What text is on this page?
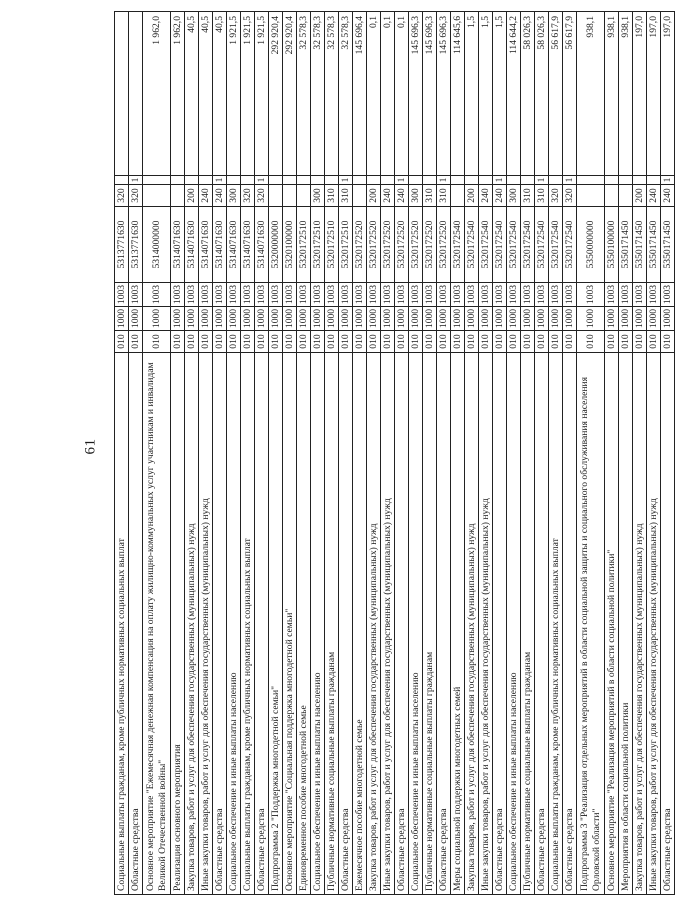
61
Социальные выплаты гражданам, кроме публичных нормативных социальных выплат	010	1000	1003	5313771630	320		
Областные средства	010	1000	1003	5313771630	320	1	
Основное мероприятие "Ежемесячная денежная компенсация на оплату жилищно-коммунальных услуг участникам и инвалидам Великой Отечественной войны"	010	1000	1003	5314000000			1 962,0
Реализация основного мероприятия	010	1000	1003	5314071630			1 962,0
Закупка товаров, работ и услуг для обеспечения государственных (муниципальных) нужд	010	1000	1003	5314071630	200		40,5
Иные закупки товаров, работ и услуг для обеспечения государственных (муниципальных) нужд	010	1000	1003	5314071630	240		40,5
Областные средства	010	1000	1003	5314071630	240	1	40,5
Социальное обеспечение и иные выплаты населению	010	1000	1003	5314071630	300		1 921,5
Социальные выплаты гражданам, кроме публичных нормативных социальных выплат	010	1000	1003	5314071630	320		1 921,5
Областные средства	010	1000	1003	5314071630	320	1	1 921,5
Подпрограмма 2 "Поддержка многодетной семьи"	010	1000	1003	5320000000			292 920,4
Основное мероприятие "Социальная поддержка многодетной семьи"	010	1000	1003	5320100000			292 920,4
Единовременное пособие многодетной семье	010	1000	1003	5320172510			32 578,3
Социальное обеспечение и иные выплаты населению	010	1000	1003	5320172510	300		32 578,3
Публичные нормативные социальные выплаты гражданам	010	1000	1003	5320172510	310		32 578,3
Областные средства	010	1000	1003	5320172510	310	1	32 578,3
Ежемесячное пособие многодетной семье	010	1000	1003	5320172520			145 696,4
Закупка товаров, работ и услуг для обеспечения государственных (муниципальных) нужд	010	1000	1003	5320172520	200		0,1
Иные закупки товаров, работ и услуг для обеспечения государственных (муниципальных) нужд	010	1000	1003	5320172520	240		0,1
Областные средства	010	1000	1003	5320172520	240	1	0,1
Социальное обеспечение и иные выплаты населению	010	1000	1003	5320172520	300		145 696,3
Публичные нормативные социальные выплаты гражданам	010	1000	1003	5320172520	310		145 696,3
Областные средства	010	1000	1003	5320172520	310	1	145 696,3
Меры социальной поддержки многодетных семей	010	1000	1003	5320172540			114 645,6
Закупка товаров, работ и услуг для обеспечения государственных (муниципальных) нужд	010	1000	1003	5320172540	200		1,5
Иные закупки товаров, работ и услуг для обеспечения государственных (муниципальных) нужд	010	1000	1003	5320172540	240		1,5
Областные средства	010	1000	1003	5320172540	240	1	1,5
Социальное обеспечение и иные выплаты населению	010	1000	1003	5320172540	300		114 644,2
Публичные нормативные социальные выплаты гражданам	010	1000	1003	5320172540	310		58 026,3
Областные средства	010	1000	1003	5320172540	310	1	58 026,3
Социальные выплаты гражданам, кроме публичных нормативных социальных выплат	010	1000	1003	5320172540	320		56 617,9
Областные средства	010	1000	1003	5320172540	320	1	56 617,9
Подпрограмма 3 "Реализация отдельных мероприятий в области социальной защиты и социального обслуживания населения Орловской области"	010	1000	1003	5350000000			938,1
Основное мероприятие "Реализация мероприятий в области социальной политики"	010	1000	1003	5350100000			938,1
Мероприятия в области социальной политики	010	1000	1003	5350171450			938,1
Закупка товаров, работ и услуг для обеспечения государственных (муниципальных) нужд	010	1000	1003	5350171450	200		197,0
Иные закупки товаров, работ и услуг для обеспечения государственных (муниципальных) нужд	010	1000	1003	5350171450	240		197,0
Областные средства	010	1000	1003	5350171450	240	1	197,0
